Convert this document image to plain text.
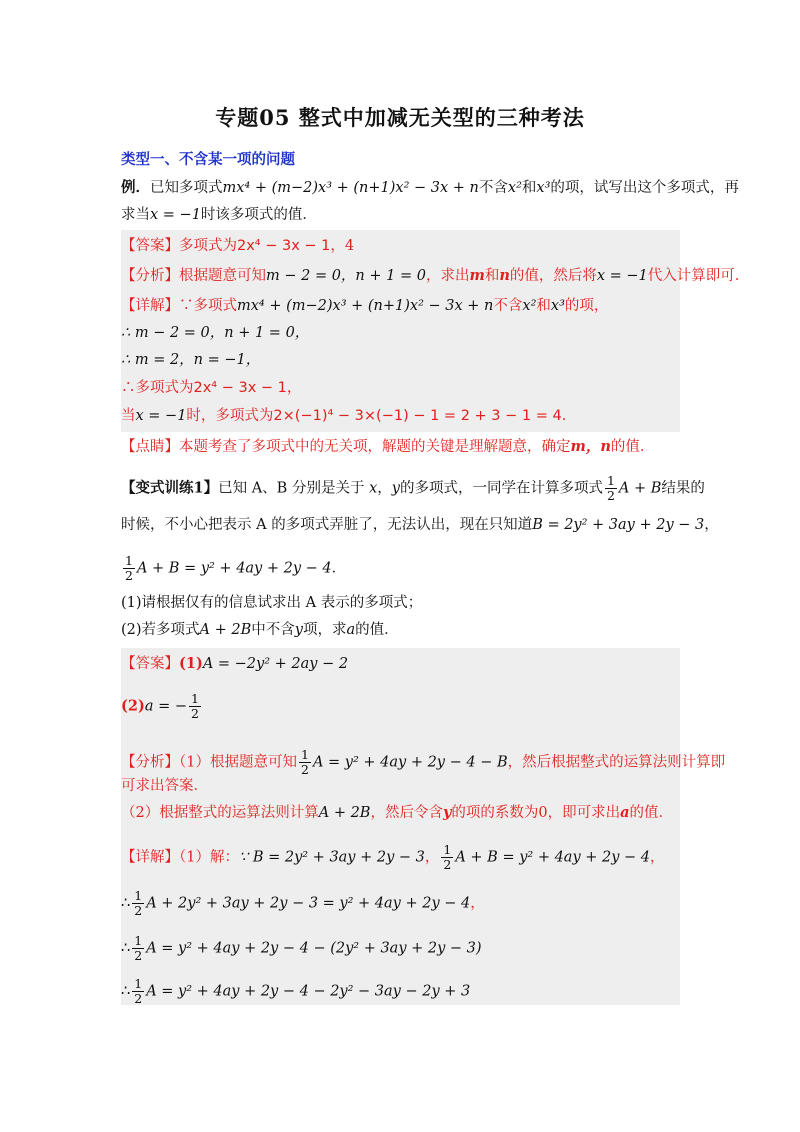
专题05 整式中加减无关型的三种考法
类型一、不含某一项的问题
例．已知多项式mx⁴ + (m−2)x³ + (n+1)x² − 3x + n不含x²和x³的项，试写出这个多项式，再
求当x = −1时该多项式的值．
【答案】多项式为2x⁴ − 3x − 1，4
【分析】根据题意可知m − 2 = 0，n + 1 = 0，求出m和n的值，然后将x = −1代入计算即可．
【详解】∵多项式mx⁴ + (m−2)x³ + (n+1)x² − 3x + n不含x²和x³的项，
∴ m − 2 = 0，n + 1 = 0，
∴ m = 2，n = −1，
∴多项式为2x⁴ − 3x − 1，
当x = −1时，多项式为2×(−1)⁴ − 3×(−1) − 1 = 2 + 3 − 1 = 4．
【点睛】本题考查了多项式中的无关项，解题的关键是理解题意，确定m，n的值．
【变式训练1】已知 A、B 分别是关于 x，y的多项式，一同学在计算多项式 $\frac{1}{2}$ A + B结果的
时候，不小心把表示 A 的多项式弄脏了，无法认出，现在只知道B = 2y² + 3ay + 2y − 3，
$\frac{1}{2}$ A + B = y² + 4ay + 2y − 4．
(1)请根据仅有的信息试求出 A 表示的多项式；
(2)若多项式A + 2B中不含y项，求a的值．
【答案】(1)A = −2y² + 2ay − 2
(2)a = − $\frac{1}{2}$
【分析】（1）根据题意可知 $\frac{1}{2}$ A = y² + 4ay + 2y − 4 − B，然后根据整式的运算法则计算即
可求出答案．
（2）根据整式的运算法则计算A + 2B，然后令含y的项的系数为0，即可求出a的值．
【详解】（1）解：∵ B = 2y² + 3ay + 2y − 3， $\frac{1}{2}$ A + B = y² + 4ay + 2y − 4，
∴ $\frac{1}{2}$ A + 2y² + 3ay + 2y − 3 = y² + 4ay + 2y − 4，
∴ $\frac{1}{2}$ A = y² + 4ay + 2y − 4 − (2y² + 3ay + 2y − 3)
∴ $\frac{1}{2}$ A = y² + 4ay + 2y − 4 − 2y² − 3ay − 2y + 3
